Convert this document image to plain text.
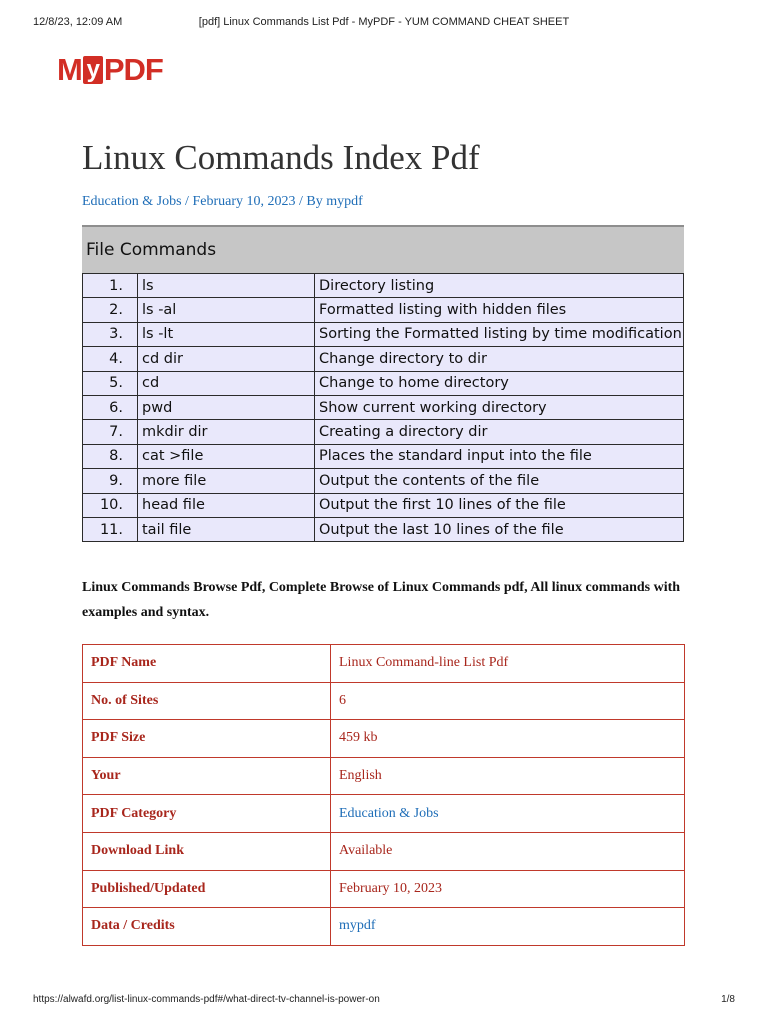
12/8/23, 12:09 AM	[pdf] Linux Commands List Pdf - MyPDF - YUM COMMAND CHEAT SHEET
M y PDF
Linux Commands Index Pdf
Education & Jobs / February 10, 2023 / By mypdf
File Commands
1.	ls	Directory listing
2.	ls -al	Formatted listing with hidden files
3.	ls -lt	Sorting the Formatted listing by time modification
4.	cd dir	Change directory to dir
5.	cd	Change to home directory
6.	pwd	Show current working directory
7.	mkdir dir	Creating a directory dir
8.	cat >file	Places the standard input into the file
9.	more file	Output the contents of the file
10.	head file	Output the first 10 lines of the file
11.	tail file	Output the last 10 lines of the file

Linux Commands Browse Pdf, Complete Browse of Linux Commands pdf, All linux commands with examples and syntax.

PDF Name	Linux Command-line List Pdf
No. of Sites	6
PDF Size	459 kb
Your	English
PDF Category	Education & Jobs
Download Link	Available
Published/Updated	February 10, 2023
Data / Credits	mypdf
https://alwafd.org/list-linux-commands-pdf#/what-direct-tv-channel-is-power-on	1/8
